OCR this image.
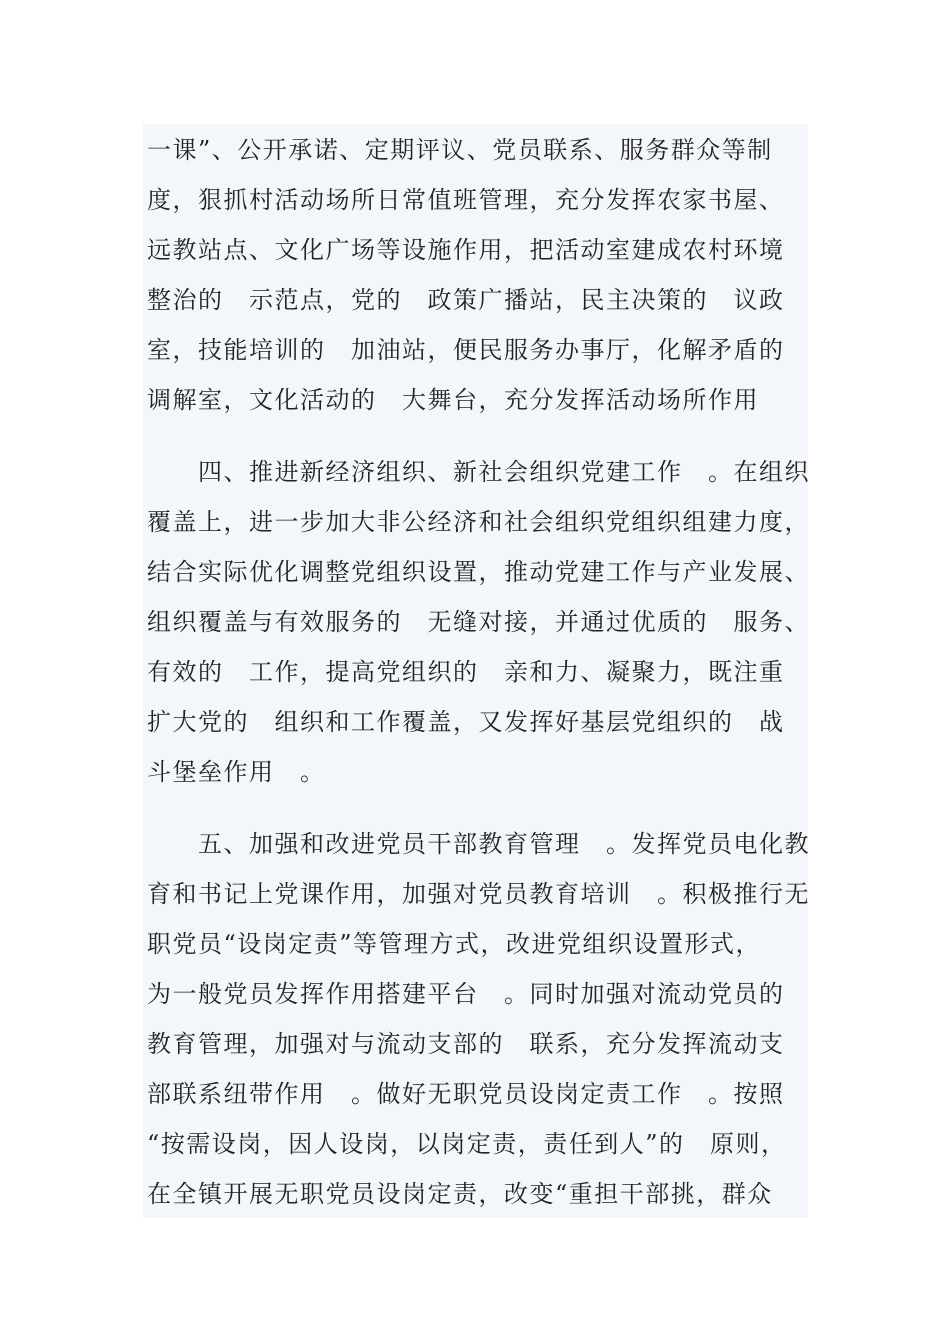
一课”、公开承诺、定期评议、党员联系、服务群众等制
度，狠抓村活动场所日常值班管理，充分发挥农家书屋、
远教站点、文化广场等设施作用，把活动室建成农村环境
整治的　示范点，党的　政策广播站，民主决策的　议政
室，技能培训的　加油站，便民服务办事厅，化解矛盾的
调解室，文化活动的　大舞台，充分发挥活动场所作用
　　四、推进新经济组织、新社会组织党建工作　。在组织
覆盖上，进一步加大非公经济和社会组织党组织组建力度，
结合实际优化调整党组织设置，推动党建工作与产业发展、
组织覆盖与有效服务的　无缝对接，并通过优质的　服务、
有效的　工作，提高党组织的　亲和力、凝聚力，既注重
扩大党的　组织和工作覆盖，又发挥好基层党组织的　战
斗堡垒作用　。
　　五、加强和改进党员干部教育管理　。发挥党员电化教
育和书记上党课作用，加强对党员教育培训　。积极推行无
职党员“设岗定责”等管理方式，改进党组织设置形式，
为一般党员发挥作用搭建平台　。同时加强对流动党员的
教育管理，加强对与流动支部的　联系，充分发挥流动支
部联系纽带作用　。做好无职党员设岗定责工作　。按照
“按需设岗，因人设岗，以岗定责，责任到人”的　原则，
在全镇开展无职党员设岗定责，改变“重担干部挑，群众
